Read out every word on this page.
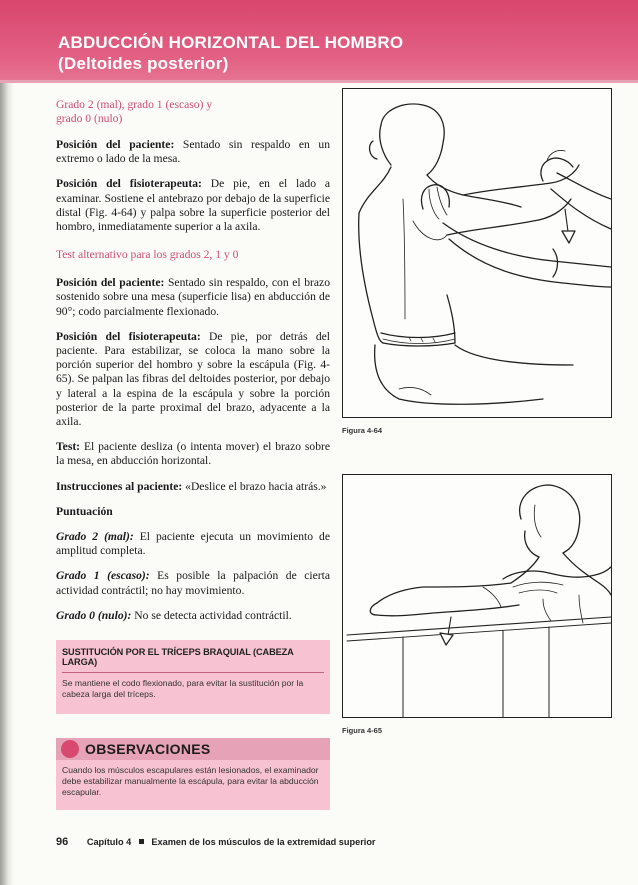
ABDUCCIÓN HORIZONTAL DEL HOMBRO
(Deltoides posterior)

Grado 2 (mal), grado 1 (escaso) y
grado 0 (nulo)

Posición del paciente: Sentado sin respaldo en un extremo o lado de la mesa.

Posición del fisioterapeuta: De pie, en el lado a examinar. Sostiene el antebrazo por debajo de la superficie distal (Fig. 4-64) y palpa sobre la superficie posterior del hombro, inmediatamente superior a la axila.

Test alternativo para los grados 2, 1 y 0

Posición del paciente: Sentado sin respaldo, con el brazo sostenido sobre una mesa (superficie lisa) en abducción de 90°; codo parcialmente flexionado.

Posición del fisioterapeuta: De pie, por detrás del paciente. Para estabilizar, se coloca la mano sobre la porción superior del hombro y sobre la escápula (Fig. 4-65). Se palpan las fibras del deltoides posterior, por debajo y lateral a la espina de la escápula y sobre la porción posterior de la parte proximal del brazo, adyacente a la axila.

Test: El paciente desliza (o intenta mover) el brazo sobre la mesa, en abducción horizontal.

Instrucciones al paciente: «Deslice el brazo hacia atrás.»

Puntuación

Grado 2 (mal): El paciente ejecuta un movimiento de amplitud completa.

Grado 1 (escaso): Es posible la palpación de cierta actividad contráctil; no hay movimiento.

Grado 0 (nulo): No se detecta actividad contráctil.

SUSTITUCIÓN POR EL TRÍCEPS BRAQUIAL (CABEZA LARGA)
Se mantiene el codo flexionado, para evitar la sustitución por la cabeza larga del tríceps.
OBSERVACIONES
Cuando los músculos escapulares están lesionados, el examinador debe estabilizar manualmente la escápula, para evitar la abducción escapular.
Figura 4-64
Figura 4-65
96 Capítulo 4 Examen de los músculos de la extremidad superior
